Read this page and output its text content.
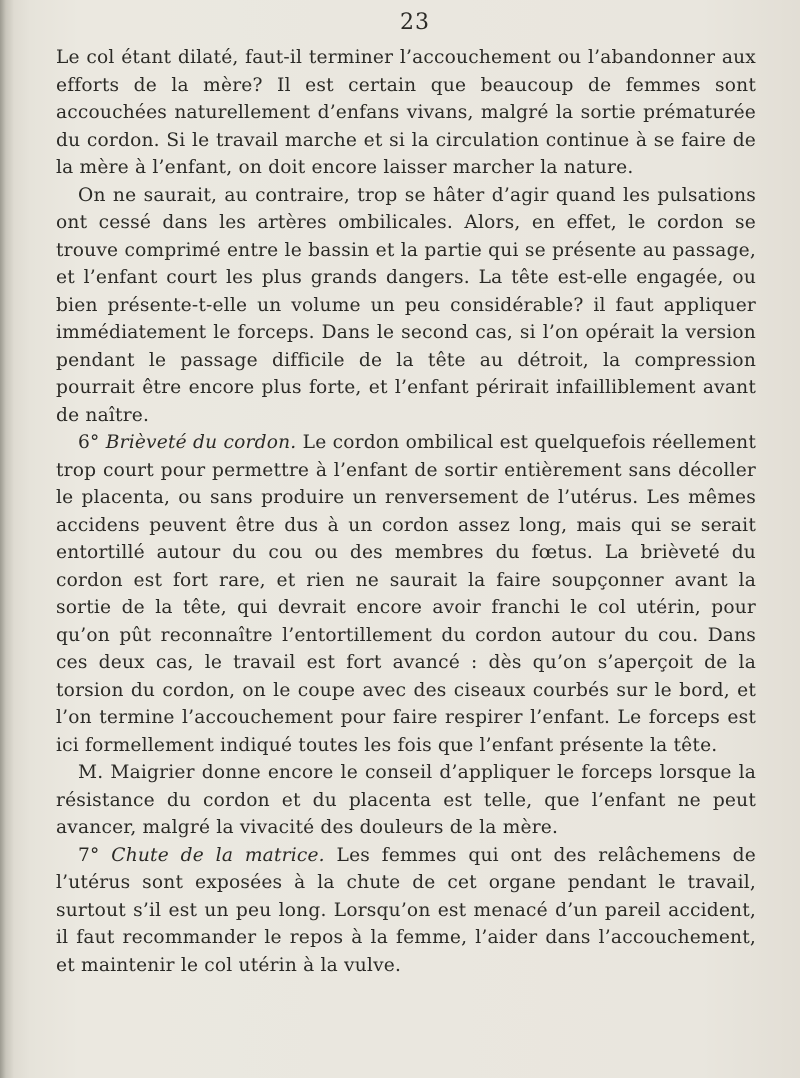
23

Le col étant dilaté, faut-il terminer l’accouchement ou l’abandonner aux efforts de la mère? Il est certain que beaucoup de femmes sont accouchées naturellement d’enfans vivans, malgré la sortie prématurée du cordon. Si le travail marche et si la circulation continue à se faire de la mère à l’enfant, on doit encore laisser marcher la nature.

On ne saurait, au contraire, trop se hâter d’agir quand les pulsations ont cessé dans les artères ombilicales. Alors, en effet, le cordon se trouve comprimé entre le bassin et la partie qui se présente au passage, et l’enfant court les plus grands dangers. La tête est-elle engagée, ou bien présente-t-elle un volume un peu considérable? il faut appliquer immédiatement le forceps. Dans le second cas, si l’on opérait la version pendant le passage difficile de la tête au détroit, la compression pourrait être encore plus forte, et l’enfant périrait infailliblement avant de naître.

6° Brièveté du cordon. Le cordon ombilical est quelquefois réellement trop court pour permettre à l’enfant de sortir entièrement sans décoller le placenta, ou sans produire un renversement de l’utérus. Les mêmes accidens peuvent être dus à un cordon assez long, mais qui se serait entortillé autour du cou ou des membres du fœtus. La brièveté du cordon est fort rare, et rien ne saurait la faire soupçonner avant la sortie de la tête, qui devrait encore avoir franchi le col utérin, pour qu’on pût reconnaître l’entortillement du cordon autour du cou. Dans ces deux cas, le travail est fort avancé : dès qu’on s’aperçoit de la torsion du cordon, on le coupe avec des ciseaux courbés sur le bord, et l’on termine l’accouchement pour faire respirer l’enfant. Le forceps est ici formellement indiqué toutes les fois que l’enfant présente la tête.

M. Maigrier donne encore le conseil d’appliquer le forceps lorsque la résistance du cordon et du placenta est telle, que l’enfant ne peut avancer, malgré la vivacité des douleurs de la mère.

7° Chute de la matrice. Les femmes qui ont des relâchemens de l’utérus sont exposées à la chute de cet organe pendant le travail, surtout s’il est un peu long. Lorsqu’on est menacé d’un pareil accident, il faut recommander le repos à la femme, l’aider dans l’accouchement, et maintenir le col utérin à la vulve.
